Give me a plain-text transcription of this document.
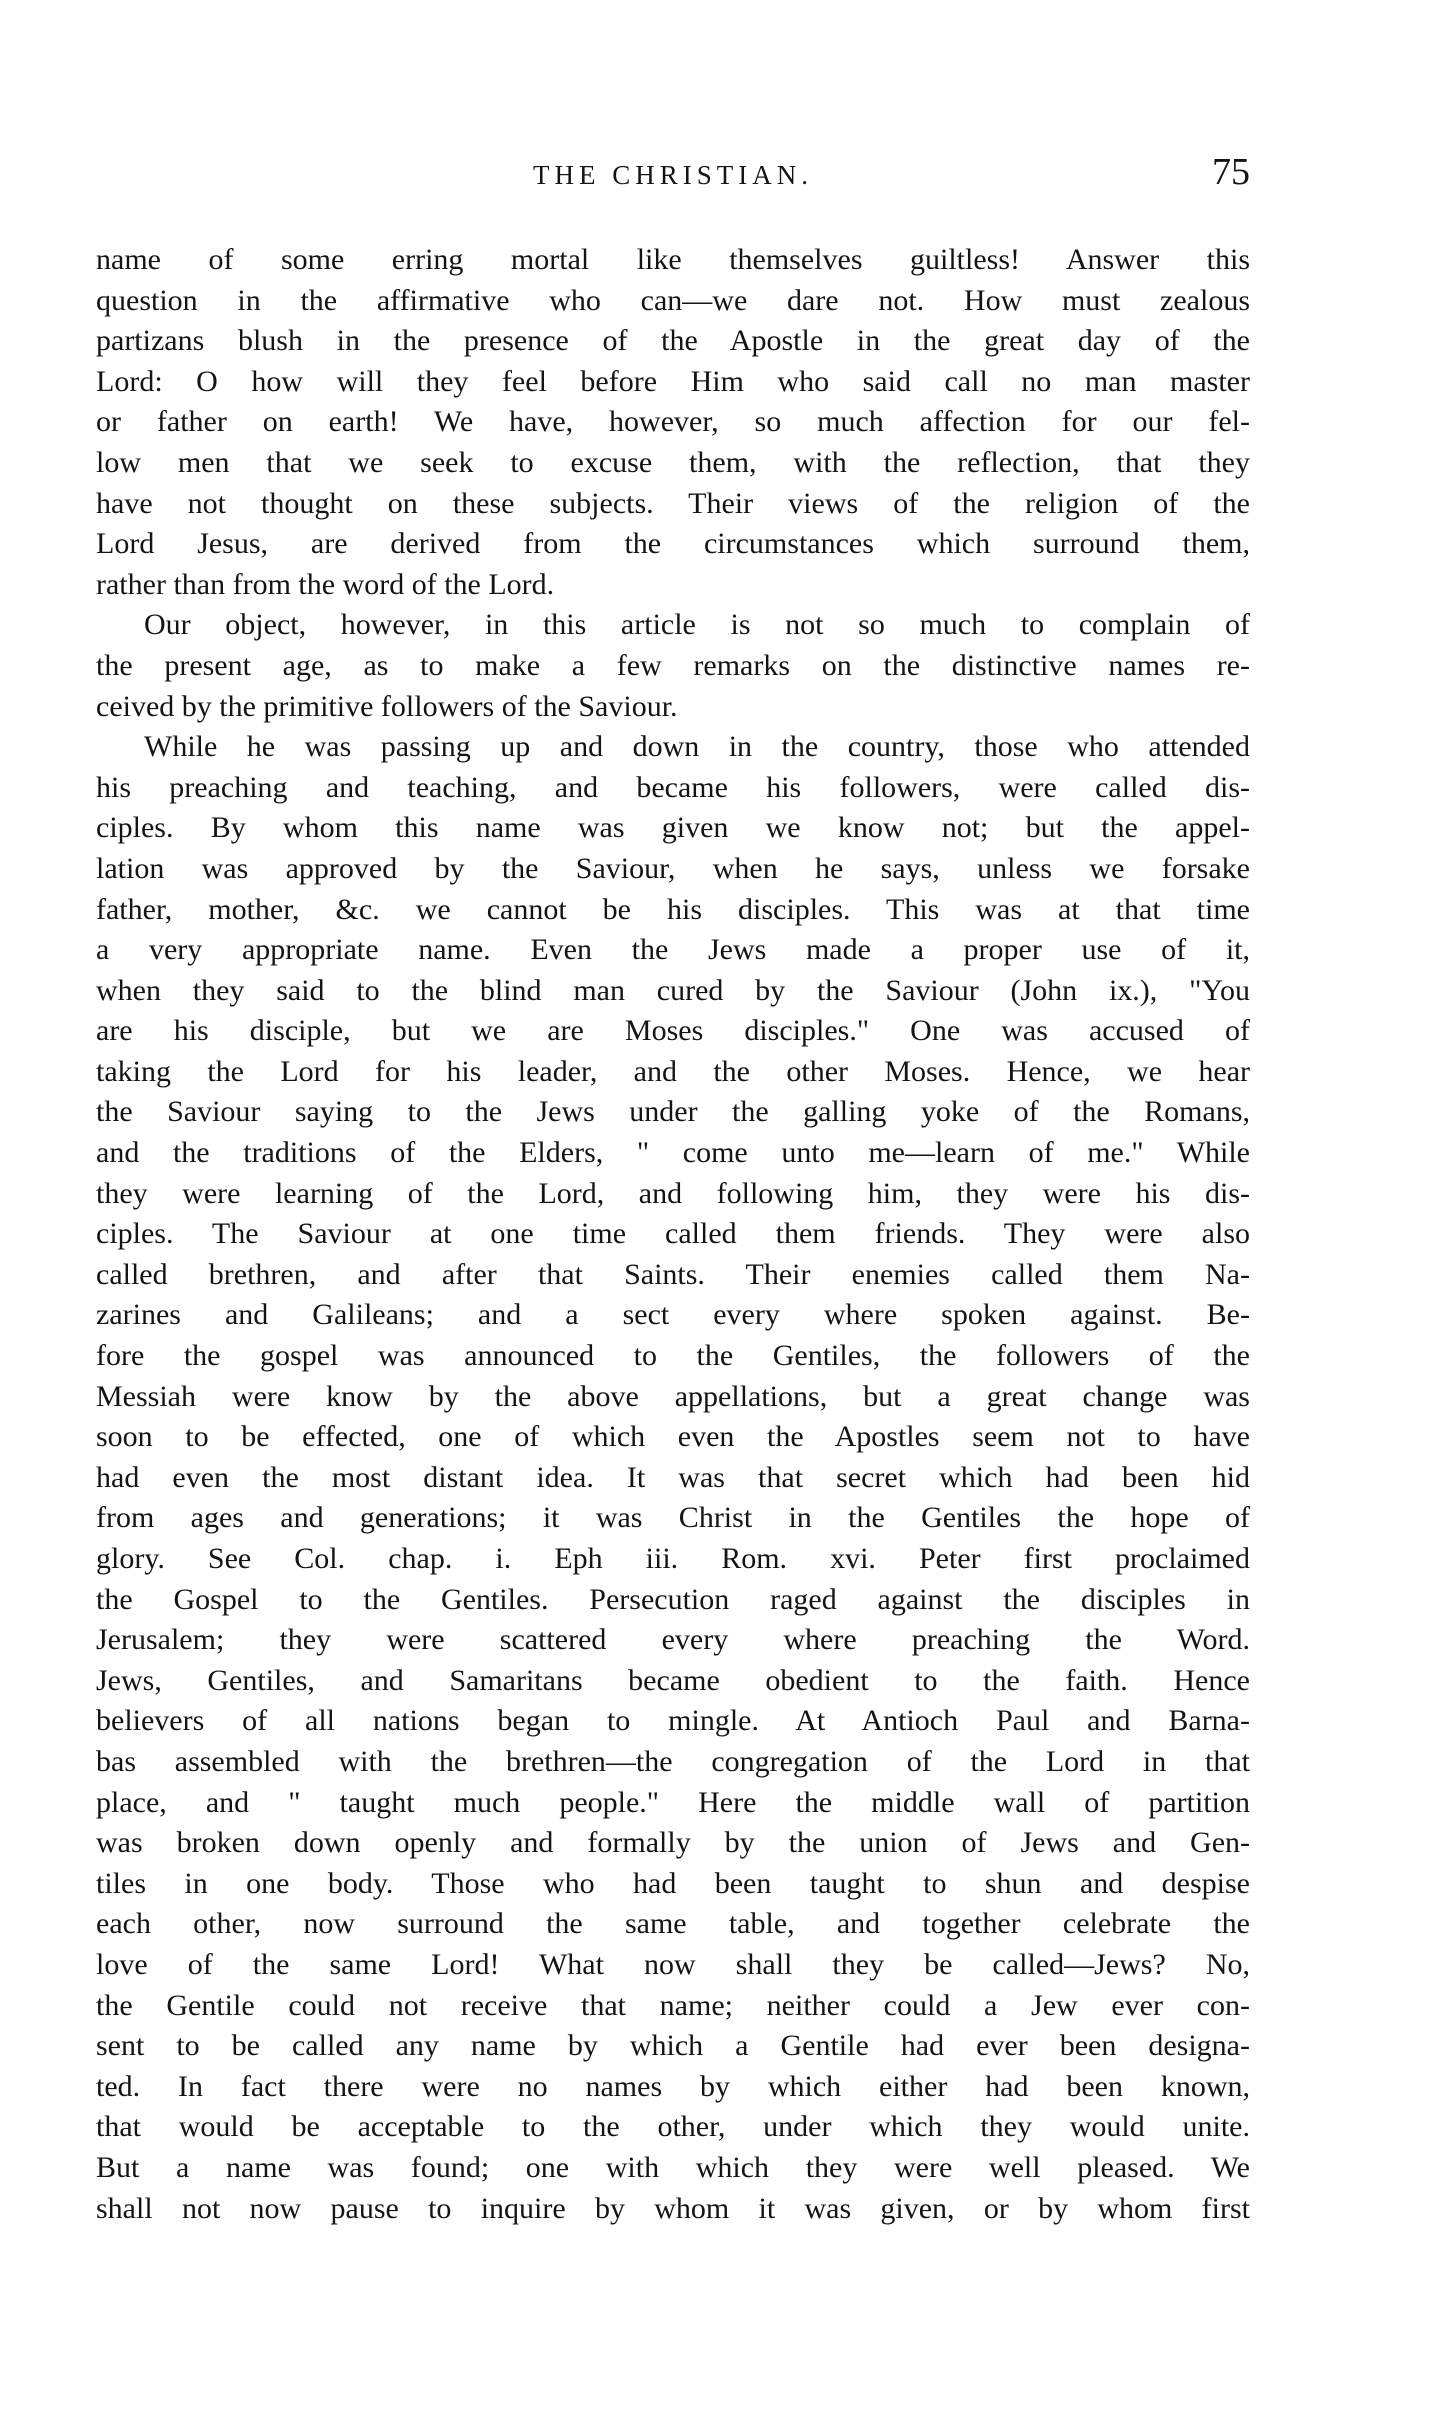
THE CHRISTIAN.	75
name of some erring mortal like themselves guiltless! Answer this
question in the affirmative who can—we dare not. How must zealous
partizans blush in the presence of the Apostle in the great day of the
Lord: O how will they feel before Him who said call no man master
or father on earth! We have, however, so much affection for our fel-
low men that we seek to excuse them, with the reflection, that they
have not thought on these subjects. Their views of the religion of the
Lord Jesus, are derived from the circumstances which surround them,
rather than from the word of the Lord.
Our object, however, in this article is not so much to complain of
the present age, as to make a few remarks on the distinctive names re-
ceived by the primitive followers of the Saviour.
While he was passing up and down in the country, those who attended
his preaching and teaching, and became his followers, were called dis-
ciples. By whom this name was given we know not; but the appel-
lation was approved by the Saviour, when he says, unless we forsake
father, mother, &c. we cannot be his disciples. This was at that time
a very appropriate name. Even the Jews made a proper use of it,
when they said to the blind man cured by the Saviour (John ix.), "You
are his disciple, but we are Moses disciples." One was accused of
taking the Lord for his leader, and the other Moses. Hence, we hear
the Saviour saying to the Jews under the galling yoke of the Romans,
and the traditions of the Elders, " come unto me—learn of me." While
they were learning of the Lord, and following him, they were his dis-
ciples. The Saviour at one time called them friends. They were also
called brethren, and after that Saints. Their enemies called them Na-
zarines and Galileans; and a sect every where spoken against. Be-
fore the gospel was announced to the Gentiles, the followers of the
Messiah were know by the above appellations, but a great change was
soon to be effected, one of which even the Apostles seem not to have
had even the most distant idea. It was that secret which had been hid
from ages and generations; it was Christ in the Gentiles the hope of
glory. See Col. chap. i. Eph iii. Rom. xvi. Peter first proclaimed
the Gospel to the Gentiles. Persecution raged against the disciples in
Jerusalem; they were scattered every where preaching the Word.
Jews, Gentiles, and Samaritans became obedient to the faith. Hence
believers of all nations began to mingle. At Antioch Paul and Barna-
bas assembled with the brethren—the congregation of the Lord in that
place, and " taught much people." Here the middle wall of partition
was broken down openly and formally by the union of Jews and Gen-
tiles in one body. Those who had been taught to shun and despise
each other, now surround the same table, and together celebrate the
love of the same Lord! What now shall they be called—Jews? No,
the Gentile could not receive that name; neither could a Jew ever con-
sent to be called any name by which a Gentile had ever been designa-
ted. In fact there were no names by which either had been known,
that would be acceptable to the other, under which they would unite.
But a name was found; one with which they were well pleased. We
shall not now pause to inquire by whom it was given, or by whom first
